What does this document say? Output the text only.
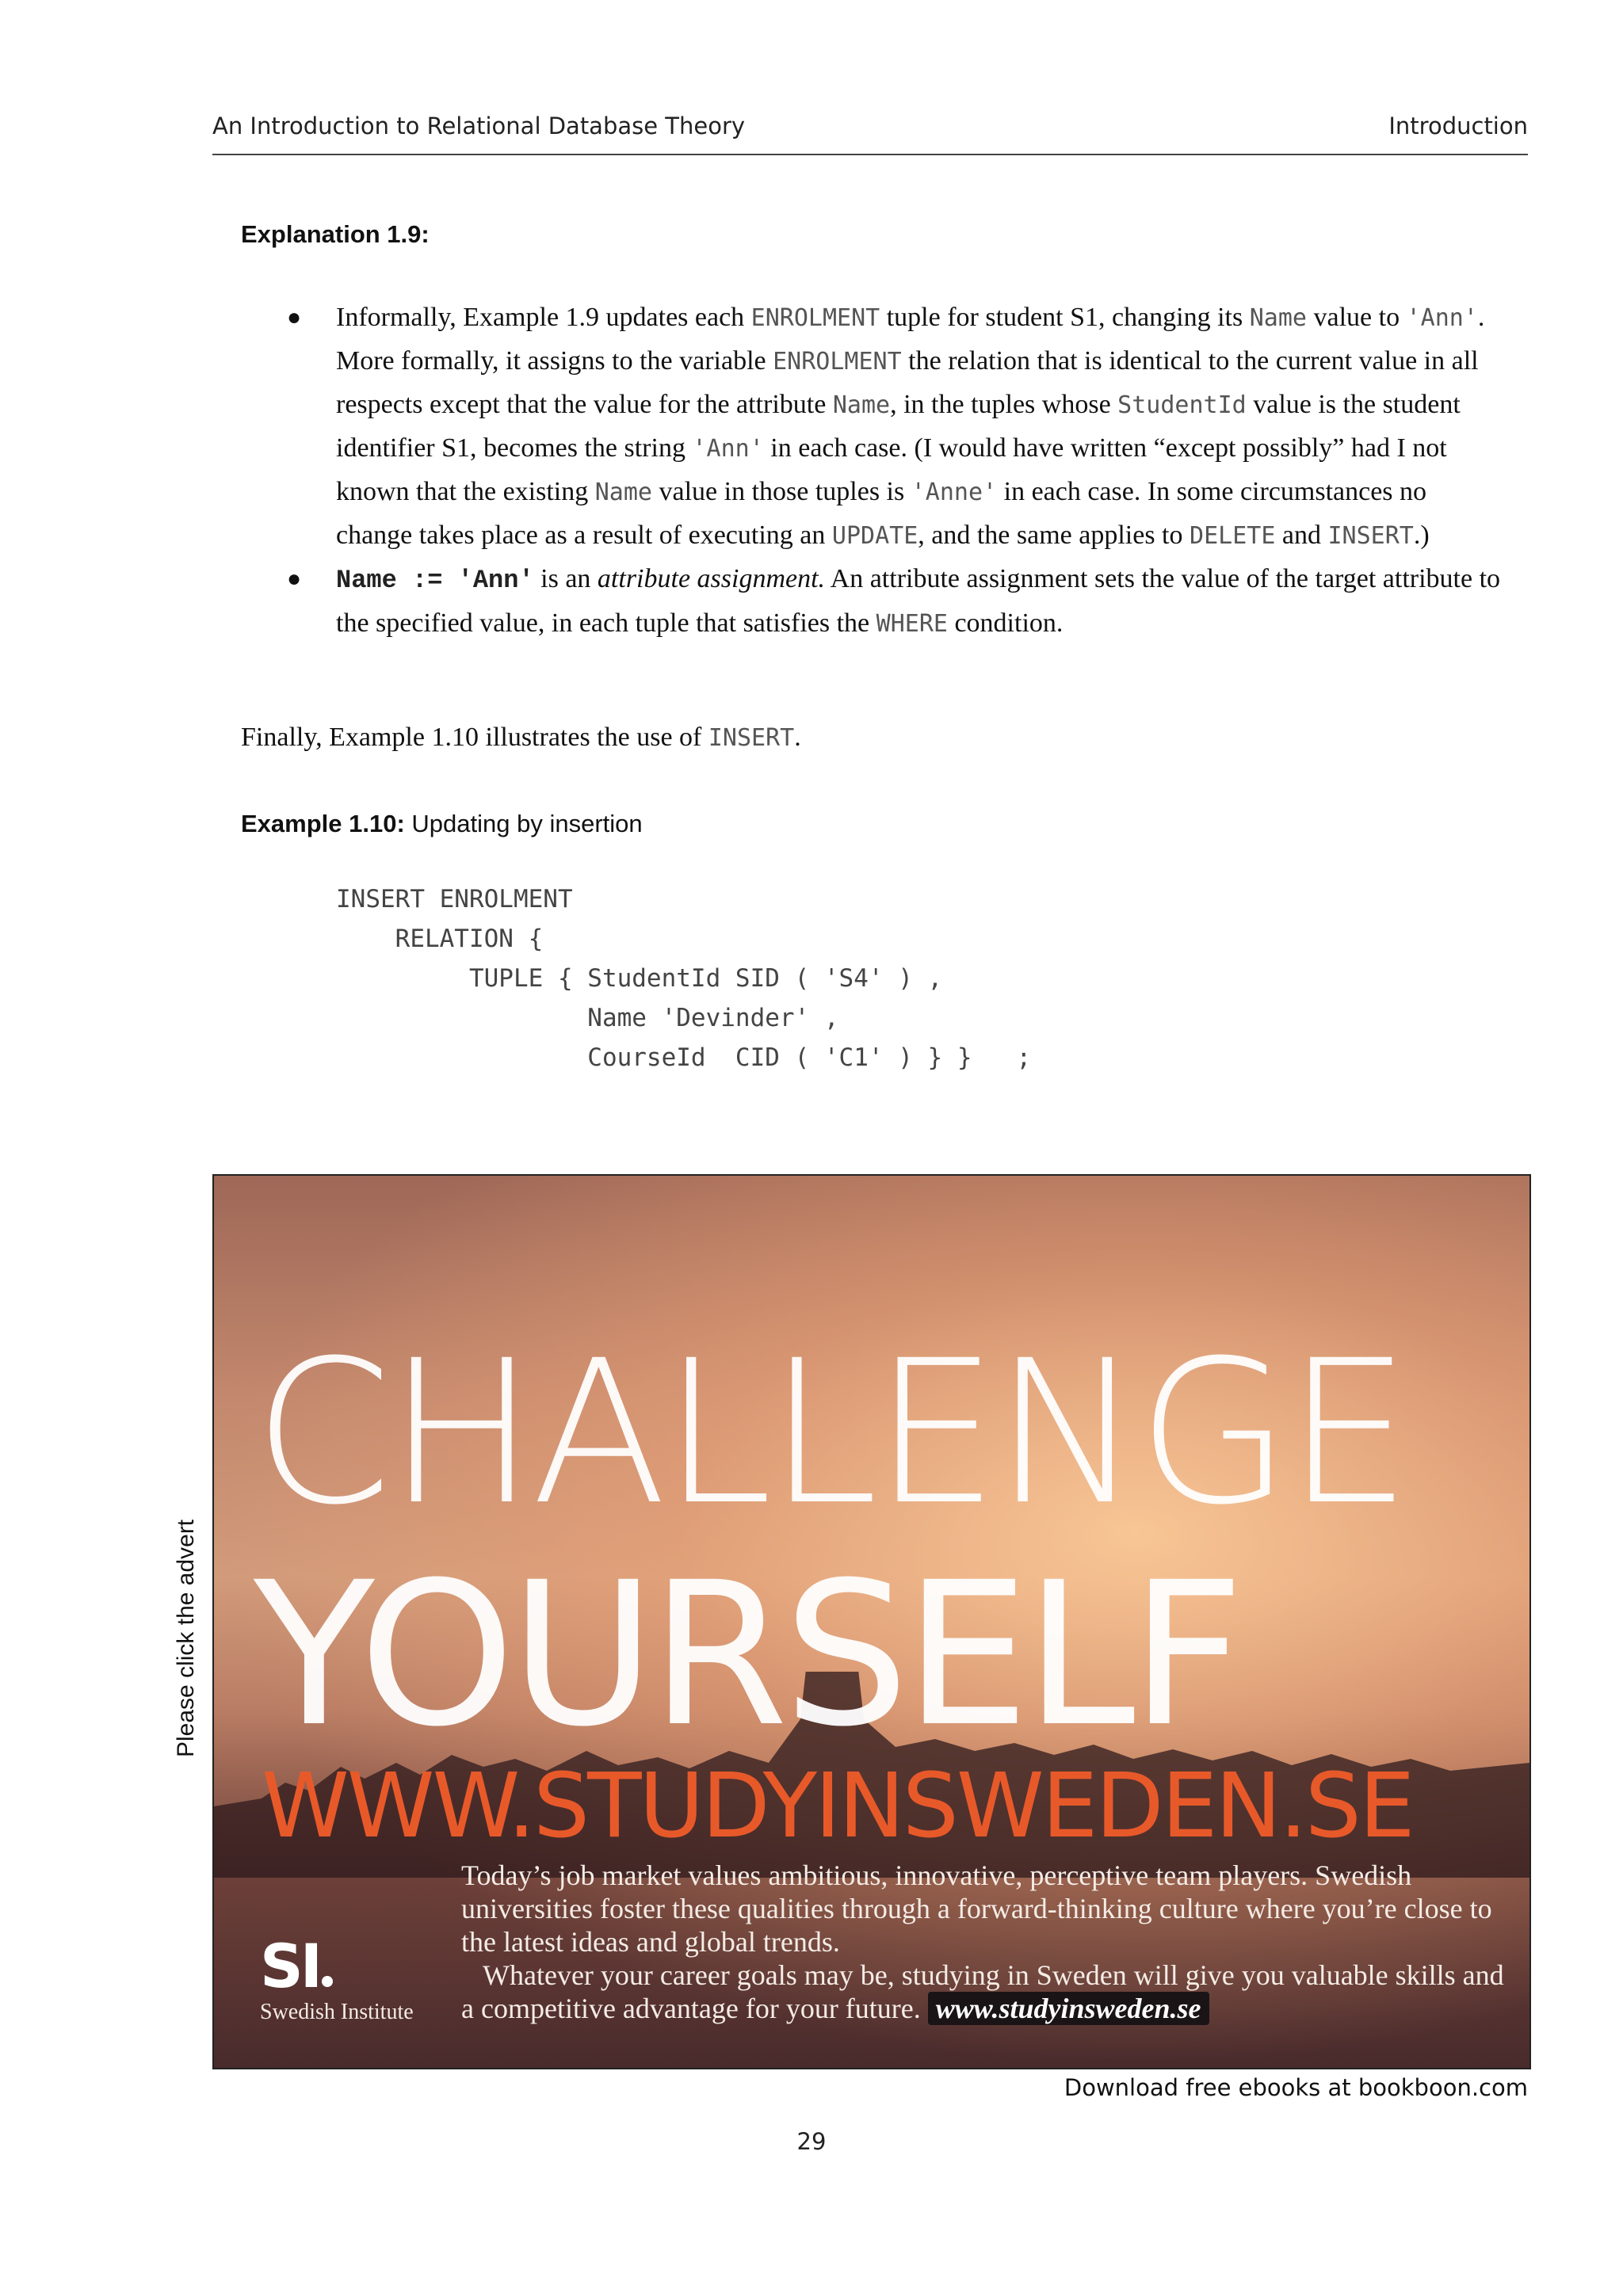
An Introduction to Relational Database Theory	Introduction
Explanation 1.9:
● Informally, Example 1.9 updates each ENROLMENT tuple for student S1, changing its Name value to 'Ann'. More formally, it assigns to the variable ENROLMENT the relation that is identical to the current value in all respects except that the value for the attribute Name, in the tuples whose StudentId value is the student identifier S1, becomes the string 'Ann' in each case. (I would have written “except possibly” had I not known that the existing Name value in those tuples is 'Anne' in each case. In some circumstances no change takes place as a result of executing an UPDATE, and the same applies to DELETE and INSERT.)
● Name := 'Ann' is an attribute assignment. An attribute assignment sets the value of the target attribute to the specified value, in each tuple that satisfies the WHERE condition.
Finally, Example 1.10 illustrates the use of INSERT.
Example 1.10: Updating by insertion
INSERT ENROLMENT
RELATION {
TUPLE { StudentId SID ( 'S4' ) ,
Name 'Devinder' ,
CourseId  CID ( 'C1' ) } }   ;
Please click the advert
CHALLENGE
YOURSELF
WWW.STUDYINSWEDEN.SE

Today’s job market values ambitious, innovative, perceptive team players. Swedish universities foster these qualities through a forward-thinking culture where you’re close to the latest ideas and global trends.

Whatever your career goals may be, studying in Sweden will give you valuable skills and a competitive advantage for your future. www.studyinsweden.se

SI
Swedish Institute
Download free ebooks at bookboon.com
29
